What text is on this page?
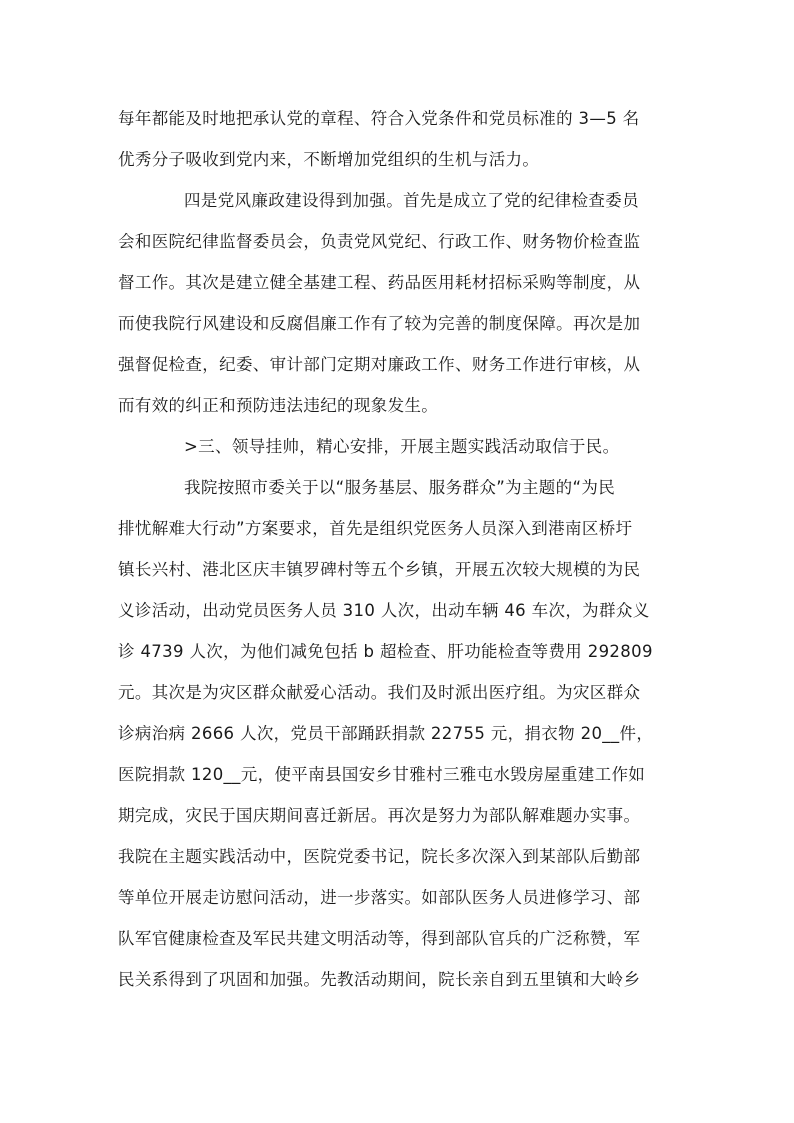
每年都能及时地把承认党的章程、符合入党条件和党员标准的 3—5 名
优秀分子吸收到党内来，不断增加党组织的生机与活力。
四是党风廉政建设得到加强。首先是成立了党的纪律检查委员
会和医院纪律监督委员会，负责党风党纪、行政工作、财务物价检查监
督工作。其次是建立健全基建工程、药品医用耗材招标采购等制度，从
而使我院行风建设和反腐倡廉工作有了较为完善的制度保障。再次是加
强督促检查，纪委、审计部门定期对廉政工作、财务工作进行审核，从
而有效的纠正和预防违法违纪的现象发生。
>三、领导挂帅，精心安排，开展主题实践活动取信于民。
我院按照市委关于以“服务基层、服务群众”为主题的“为民
排忧解难大行动”方案要求，首先是组织党医务人员深入到港南区桥圩
镇长兴村、港北区庆丰镇罗碑村等五个乡镇，开展五次较大规模的为民
义诊活动，出动党员医务人员 310 人次，出动车辆 46 车次，为群众义
诊 4739 人次，为他们减免包括 b 超检查、肝功能检查等费用 292809
元。其次是为灾区群众献爱心活动。我们及时派出医疗组。为灾区群众
诊病治病 2666 人次，党员干部踊跃捐款 22755 元，捐衣物 20__件，
医院捐款 120__元，使平南县国安乡甘雅村三雅屯水毁房屋重建工作如
期完成，灾民于国庆期间喜迁新居。再次是努力为部队解难题办实事。
我院在主题实践活动中，医院党委书记，院长多次深入到某部队后勤部
等单位开展走访慰问活动，进一步落实。如部队医务人员进修学习、部
队军官健康检查及军民共建文明活动等，得到部队官兵的广泛称赞，军
民关系得到了巩固和加强。先教活动期间，院长亲自到五里镇和大岭乡
